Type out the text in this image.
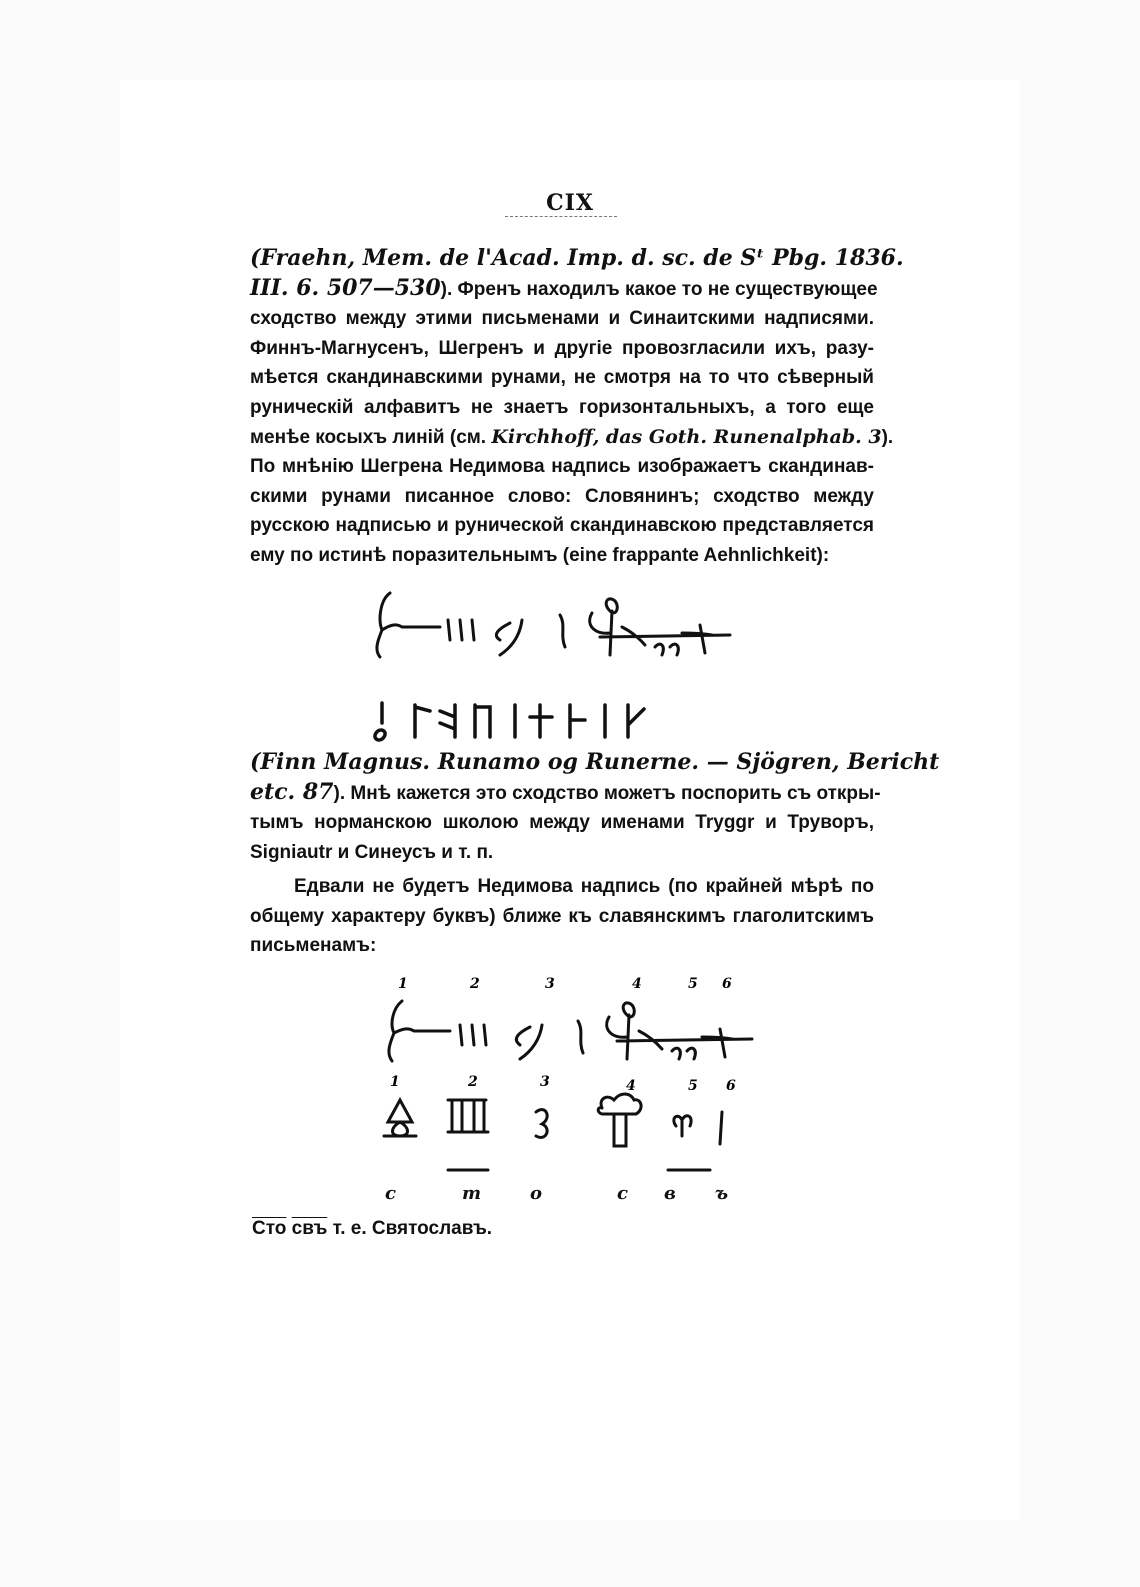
CIX
(Fraehn, Mem. de l'Acad. Imp. d. sc. de Sᵗ Pbg. 1836.
III. 6. 507—530). Френъ находилъ какое то не существующее
сходство между этими письменами и Синаитскими надписями.
Финнъ-Магнусенъ, Шегренъ и другіе провозгласили ихъ, разу-
мѣется скандинавскими рунами, не смотря на то что сѣверный
руническій алфавитъ не знаетъ горизонтальныхъ, а того еще
менѣе косыхъ линій (см. Kirchhoff, das Goth. Runenalphab. 3).
По мнѣнію Шегрена Недимова надпись изображаетъ скандинав-
скими рунами писанное слово: Словянинъ; сходство между
русскою надписью и рунической скандинавскою представляется
ему по истинѣ поразительнымъ (eine frappante Aehnlichkeit):
(Finn Magnus. Runamo og Runerne. — Sjögren, Bericht
etc. 87). Мнѣ кажется это сходство можетъ поспорить съ откры-
тымъ норманскою школою между именами Tryggr и Труворъ,
Signiautr и Синеусъ и т. п.
Едвали не будетъ Недимова надпись (по крайней мѣрѣ по
общему характеру буквъ) ближе къ славянскимъ глаголитскимъ
письменамъ:
1	2	3	4	5 6
1	2	3	4	5 6
с	т	о	с в ъ
Сто свъ т. е. Святославъ.
